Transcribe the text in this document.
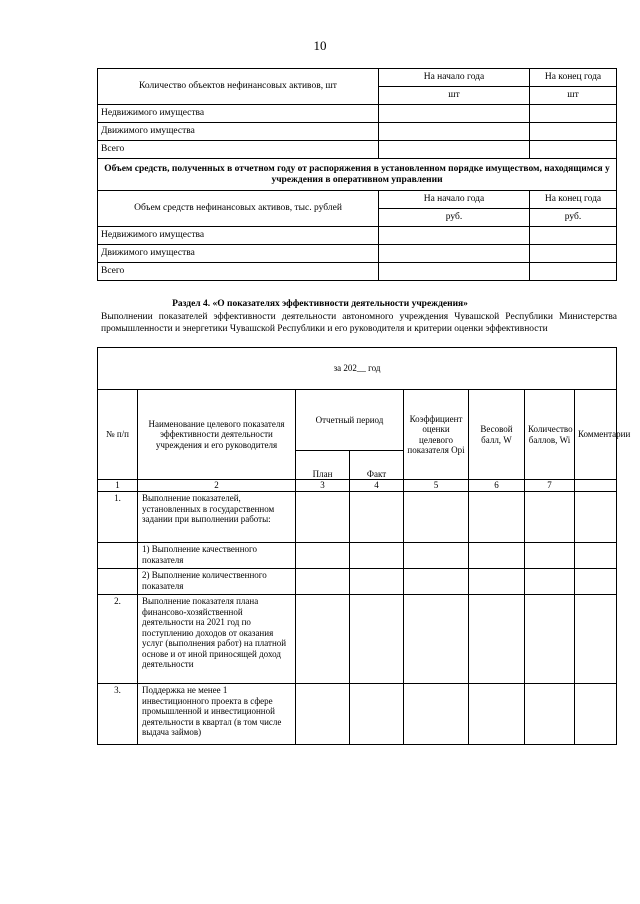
10
Количество объектов нефинансовых активов, шт	На начало года	На конец года
	шт	шт
Недвижимого имущества		
Движимого имущества		
Всего		
Объем средств, полученных в отчетном году от распоряжения в установленном порядке имуществом, находящимся у учреждения в оперативном управлении		
Объем средств нефинансовых активов, тыс. рублей	На начало года	На конец года
	руб.	руб.
Недвижимого имущества		
Движимого имущества		
Всего		
Раздел 4. «О показателях эффективности деятельности учреждения»
Выполнении показателей эффективности деятельности автономного учреждения Чувашской Республики Министерства промышленности и энергетики Чувашской Республики и его руководителя и критерии оценки эффективности
за 202__ год							
№ п/п	Наименование целевого показателя эффективности деятельности учреждения и его руководителя	Отчетный период		Коэффициент оценки целевого показателя Opi	Весовой балл, W	Количество баллов, Wi	Комментарии
		План	Факт				
1	2	3	4	5	6	7	
1.	Выполнение показателей, установленных в государственном задании при выполнении работы:						
	1) Выполнение качественного показателя						
	2) Выполнение количественного показателя						
2.	Выполнение показателя плана финансово-хозяйственной деятельности на 2021 год по поступлению доходов от оказания услуг (выполнения работ) на платной основе и от иной приносящей доход деятельности						
3.	Поддержка не менее 1 инвестиционного проекта в сфере промышленной и инвестиционной деятельности в квартал (в том числе выдача займов)						
